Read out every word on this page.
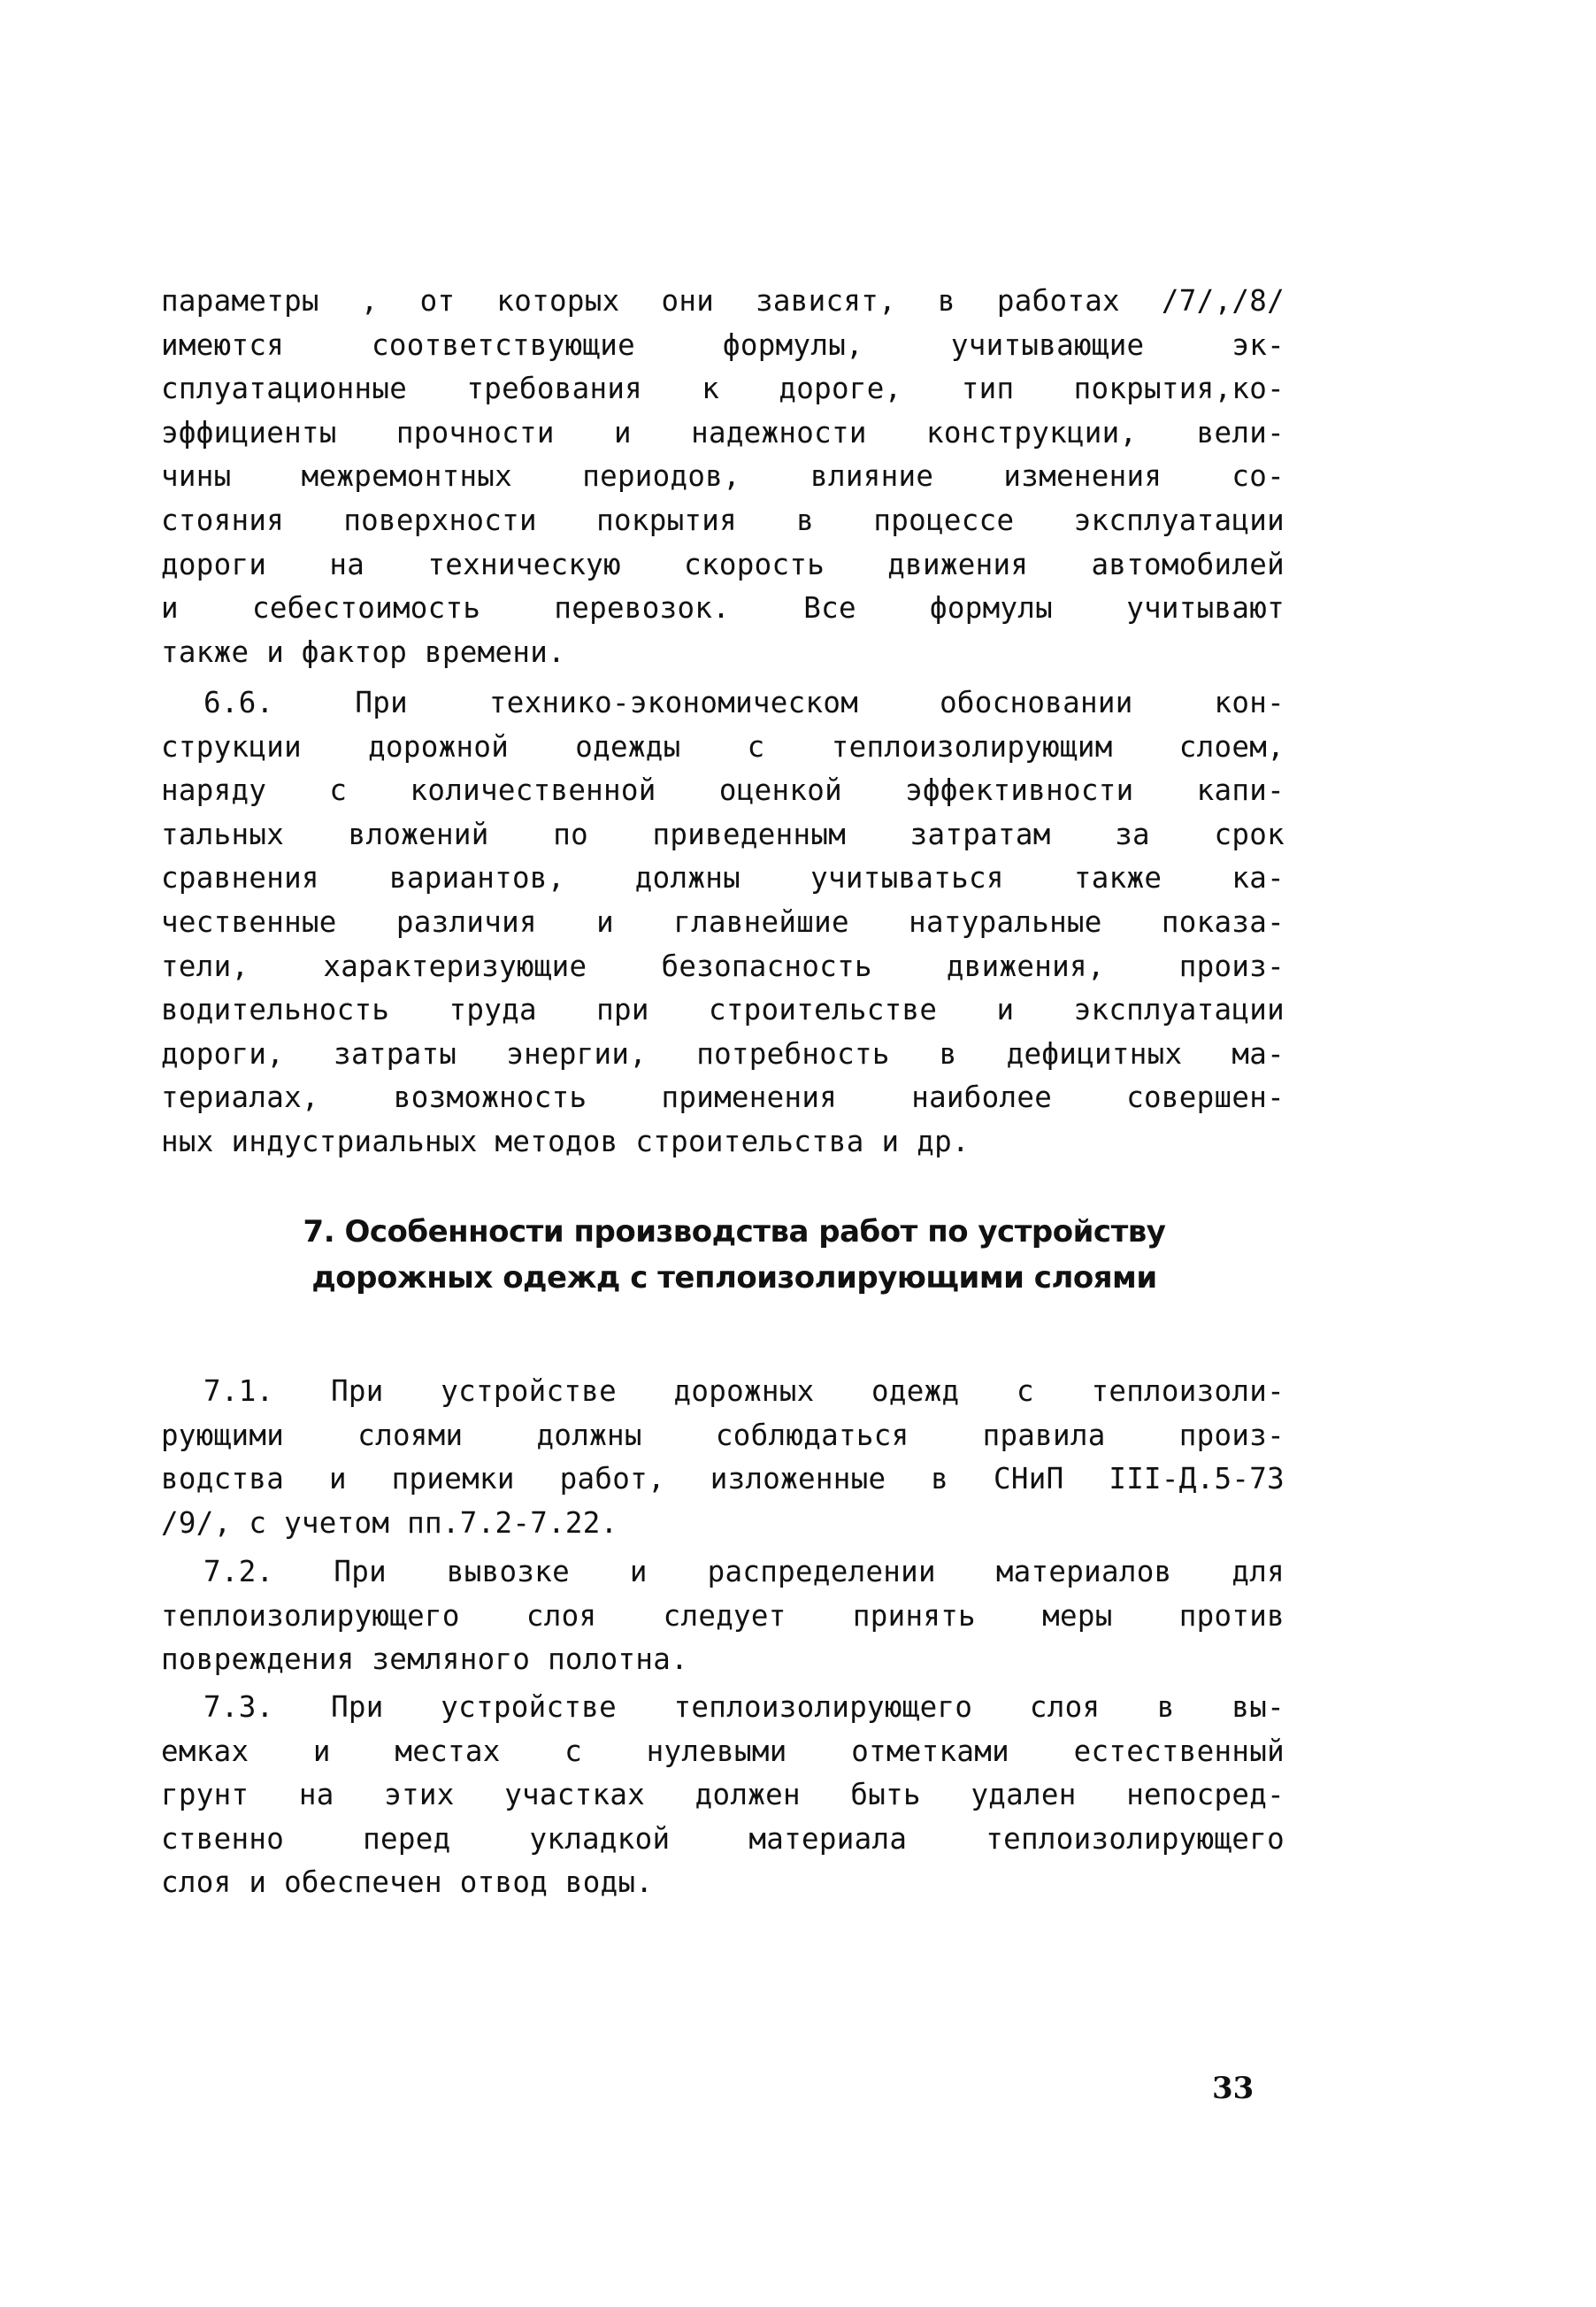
параметры , от которых они зависят, в работах /7/,/8/
имеются соответствующие формулы, учитывающие эк-
сплуатационные требования к дороге, тип покрытия,ко-
эффициенты прочности и надежности конструкции, вели-
чины межремонтных периодов, влияние изменения со-
стояния поверхности покрытия в процессе эксплуатации
дороги на техническую скорость движения автомобилей
и себестоимость перевозок. Все формулы учитывают
также и фактор времени.
6.6. При технико-экономическом обосновании кон-
струкции дорожной одежды с теплоизолирующим слоем,
наряду с количественной оценкой эффективности капи-
тальных вложений по приведенным затратам за срок
сравнения вариантов, должны учитываться также ка-
чественные различия и главнейшие натуральные показа-
тели, характеризующие безопасность движения, произ-
водительность труда при строительстве и эксплуатации
дороги, затраты энергии, потребность в дефицитных ма-
териалах, возможность применения наиболее совершен-
ных индустриальных методов строительства и др.
7. Особенности производства работ по устройству
дорожных одежд с теплоизолирующими слоями
7.1. При устройстве дорожных одежд с теплоизоли-
рующими слоями должны соблюдаться правила произ-
водства и приемки работ, изложенные в СНиП III-Д.5-73
/9/, с учетом пп.7.2-7.22.
7.2. При вывозке и распределении материалов для
теплоизолирующего слоя следует принять меры против
повреждения земляного полотна.
7.3. При устройстве теплоизолирующего слоя в вы-
емках и местах с нулевыми отметками естественный
грунт на этих участках должен быть удален непосред-
ственно перед укладкой материала теплоизолирующего
слоя и обеспечен отвод воды.
33
